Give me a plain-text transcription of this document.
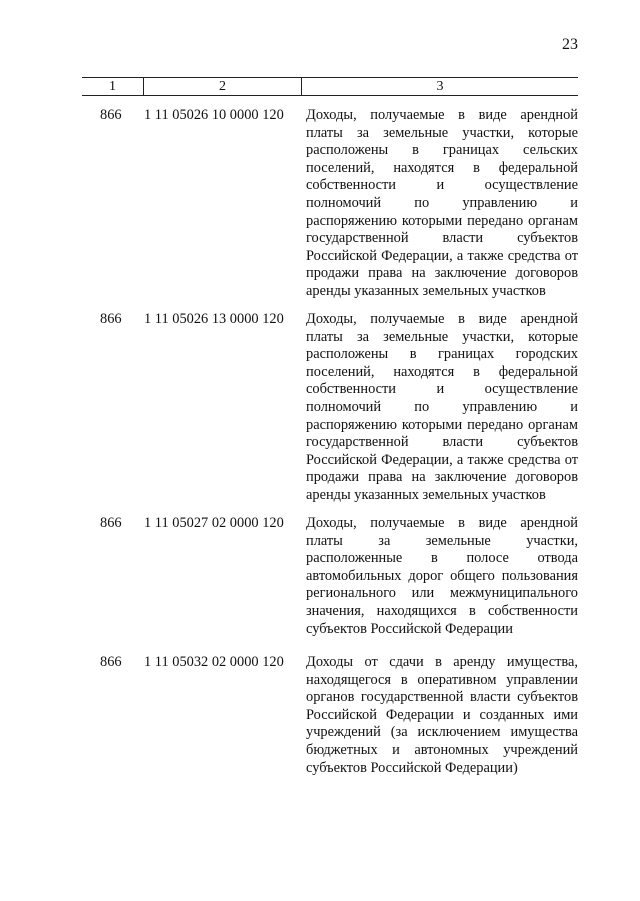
23
1	2	3
866	1 11 05026 10 0000 120	Доходы, получаемые в виде арендной платы за земельные участки, которые расположены в границах сельских поселений, находятся в федеральной собственности и осуществление полномочий по управлению и распоряжению которыми передано органам государственной власти субъектов Российской Федерации, а также средства от продажи права на заключение договоров аренды указанных земельных участков
866	1 11 05026 13 0000 120	Доходы, получаемые в виде арендной платы за земельные участки, которые расположены в границах городских поселений, находятся в федеральной собственности и осуществление полномочий по управлению и распоряжению которыми передано органам государственной власти субъектов Российской Федерации, а также средства от продажи права на заключение договоров аренды указанных земельных участков
866	1 11 05027 02 0000 120	Доходы, получаемые в виде арендной платы за земельные участки, расположенные в полосе отвода автомобильных дорог общего пользования регионального или межмуниципального значения, находящихся в собственности субъектов Российской Федерации
866	1 11 05032 02 0000 120	Доходы от сдачи в аренду имущества, находящегося в оперативном управлении органов государственной власти субъектов Российской Федерации и созданных ими учреждений (за исключением имущества бюджетных и автономных учреждений субъектов Российской Федерации)
